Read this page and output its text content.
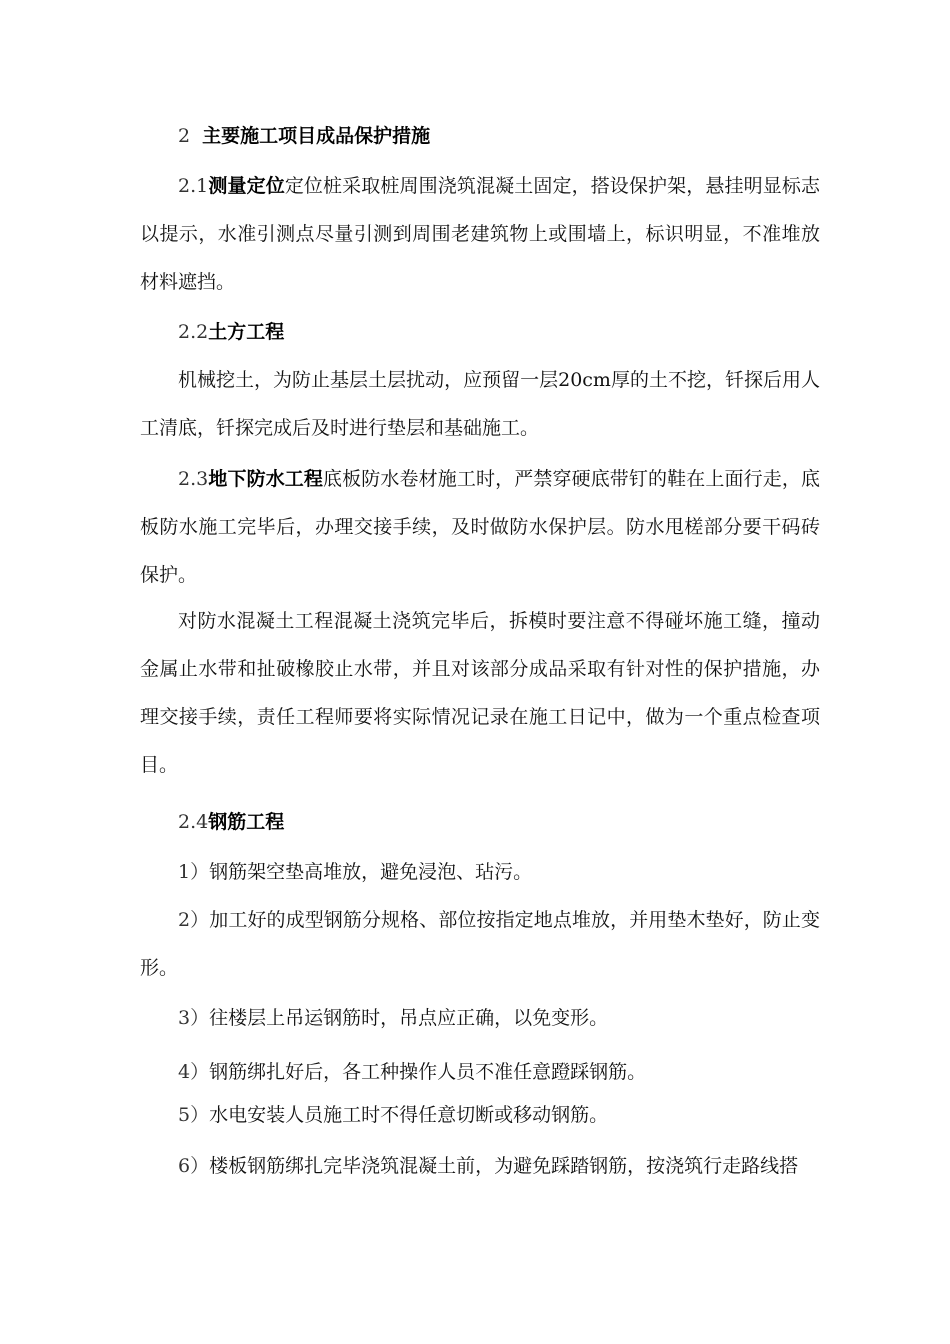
2 主要施工项目成品保护措施
2.1测量定位定位桩采取桩周围浇筑混凝土固定，搭设保护架，悬挂明显标志以提示，水准引测点尽量引测到周围老建筑物上或围墙上，标识明显，不准堆放材料遮挡。
2.2土方工程
机械挖土，为防止基层土层扰动，应预留一层20cm厚的土不挖，钎探后用人工清底，钎探完成后及时进行垫层和基础施工。
2.3地下防水工程底板防水卷材施工时，严禁穿硬底带钉的鞋在上面行走，底板防水施工完毕后，办理交接手续，及时做防水保护层。防水甩槎部分要干码砖保护。
对防水混凝土工程混凝土浇筑完毕后，拆模时要注意不得碰坏施工缝，撞动金属止水带和扯破橡胶止水带，并且对该部分成品采取有针对性的保护措施，办理交接手续，责任工程师要将实际情况记录在施工日记中，做为一个重点检查项目。
2.4钢筋工程
1）钢筋架空垫高堆放，避免浸泡、玷污。
2）加工好的成型钢筋分规格、部位按指定地点堆放，并用垫木垫好，防止变形。
3）往楼层上吊运钢筋时，吊点应正确，以免变形。
4）钢筋绑扎好后，各工种操作人员不准任意蹬踩钢筋。
5）水电安装人员施工时不得任意切断或移动钢筋。
6）楼板钢筋绑扎完毕浇筑混凝土前，为避免踩踏钢筋，按浇筑行走路线搭
